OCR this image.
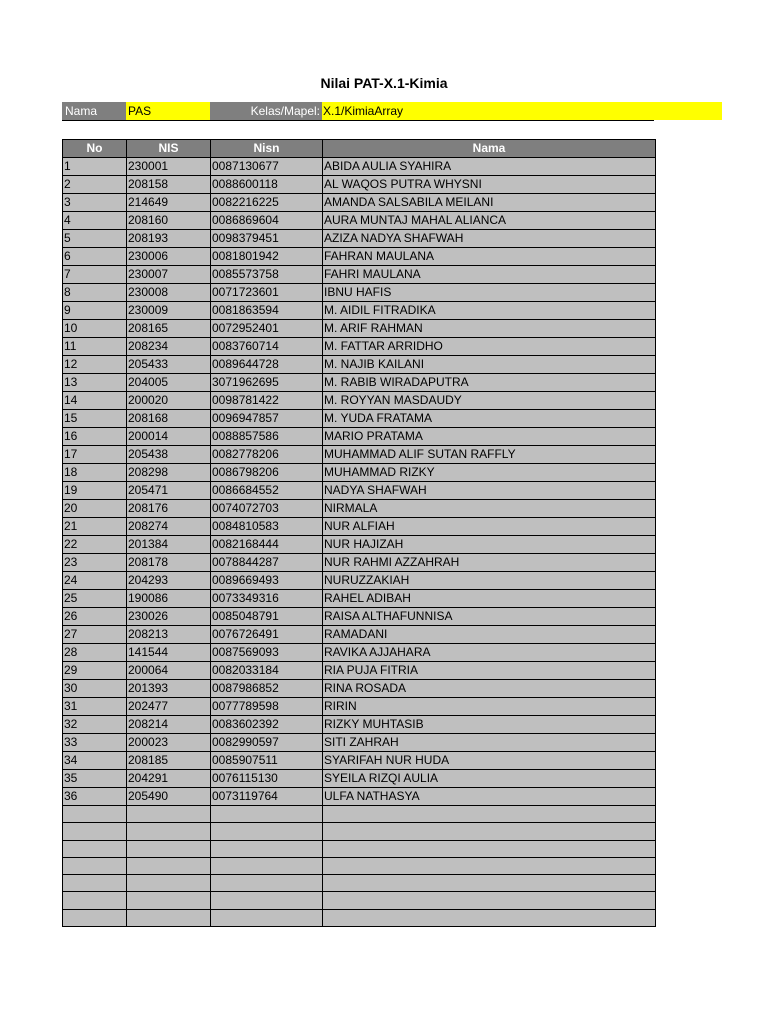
Nilai PAT-X.1-Kimia
Nama	PAS	Kelas/Mapel: X.1/KimiaArray
No	NIS	Nisn	Nama
1	230001	0087130677	ABIDA AULIA SYAHIRA
2	208158	0088600118	AL WAQOS PUTRA WHYSNI
3	214649	0082216225	AMANDA SALSABILA MEILANI
4	208160	0086869604	AURA MUNTAJ MAHAL ALIANCA
5	208193	0098379451	AZIZA NADYA SHAFWAH
6	230006	0081801942	FAHRAN MAULANA
7	230007	0085573758	FAHRI MAULANA
8	230008	0071723601	IBNU HAFIS
9	230009	0081863594	M. AIDIL FITRADIKA
10	208165	0072952401	M. ARIF RAHMAN
11	208234	0083760714	M. FATTAR ARRIDHO
12	205433	0089644728	M. NAJIB KAILANI
13	204005	3071962695	M. RABIB WIRADAPUTRA
14	200020	0098781422	M. ROYYAN MASDAUDY
15	208168	0096947857	M. YUDA FRATAMA
16	200014	0088857586	MARIO PRATAMA
17	205438	0082778206	MUHAMMAD ALIF SUTAN RAFFLY
18	208298	0086798206	MUHAMMAD RIZKY
19	205471	0086684552	NADYA SHAFWAH
20	208176	0074072703	NIRMALA
21	208274	0084810583	NUR ALFIAH
22	201384	0082168444	NUR HAJIZAH
23	208178	0078844287	NUR RAHMI AZZAHRAH
24	204293	0089669493	NURUZZAKIAH
25	190086	0073349316	RAHEL ADIBAH
26	230026	0085048791	RAISA ALTHAFUNNISA
27	208213	0076726491	RAMADANI
28	141544	0087569093	RAVIKA AJJAHARA
29	200064	0082033184	RIA PUJA FITRIA
30	201393	0087986852	RINA ROSADA
31	202477	0077789598	RIRIN
32	208214	0083602392	RIZKY MUHTASIB
33	200023	0082990597	SITI ZAHRAH
34	208185	0085907511	SYARIFAH NUR HUDA
35	204291	0076115130	SYEILA RIZQI AULIA
36	205490	0073119764	ULFA NATHASYA
